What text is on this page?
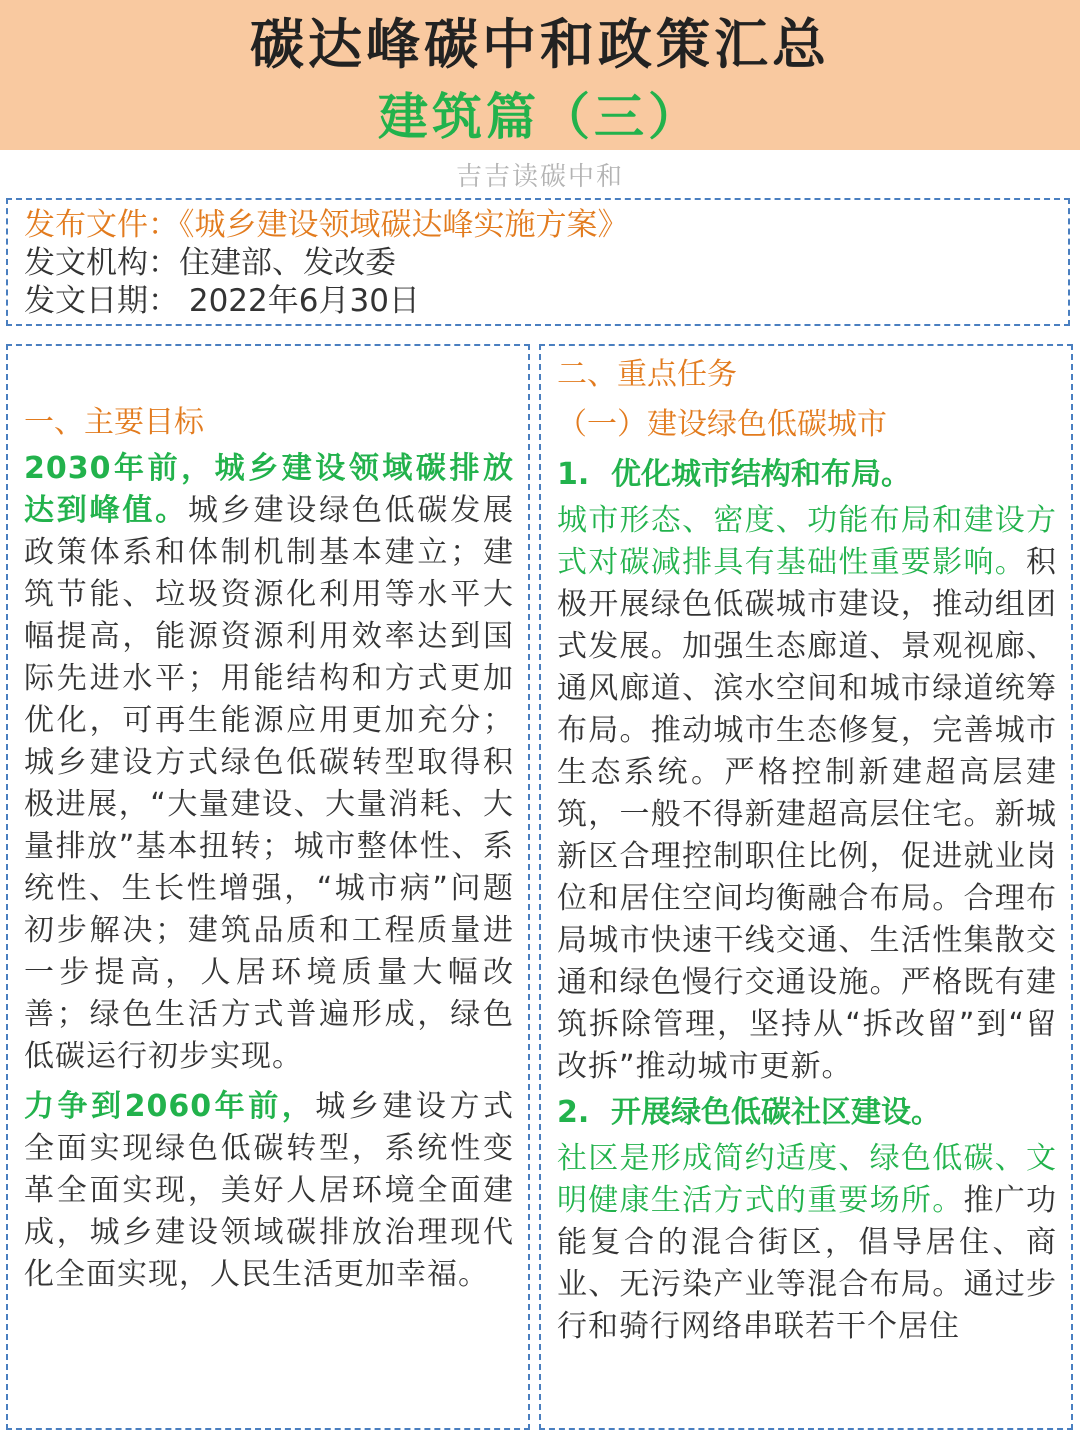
碳达峰碳中和政策汇总
建筑篇（三）
吉吉读碳中和
发布文件：《城乡建设领域碳达峰实施方案》
发文机构：住建部、发改委
发文日期： 2022年6月30日
一、主要目标
2030年前，城乡建设领域碳排放达到峰值。城乡建设绿色低碳发展政策体系和体制机制基本建立；建筑节能、垃圾资源化利用等水平大幅提高，能源资源利用效率达到国际先进水平；用能结构和方式更加优化，可再生能源应用更加充分；城乡建设方式绿色低碳转型取得积极进展，“大量建设、大量消耗、大量排放”基本扭转；城市整体性、系统性、生长性增强，“城市病”问题初步解决；建筑品质和工程质量进一步提高，人居环境质量大幅改善；绿色生活方式普遍形成，绿色低碳运行初步实现。
力争到2060年前，城乡建设方式全面实现绿色低碳转型，系统性变革全面实现，美好人居环境全面建成，城乡建设领域碳排放治理现代化全面实现，人民生活更加幸福。
二、重点任务
（一）建设绿色低碳城市
1. 优化城市结构和布局。
城市形态、密度、功能布局和建设方式对碳减排具有基础性重要影响。积极开展绿色低碳城市建设，推动组团式发展。加强生态廊道、景观视廊、通风廊道、滨水空间和城市绿道统筹布局。推动城市生态修复，完善城市生态系统。严格控制新建超高层建筑，一般不得新建超高层住宅。新城新区合理控制职住比例，促进就业岗位和居住空间均衡融合布局。合理布局城市快速干线交通、生活性集散交通和绿色慢行交通设施。严格既有建筑拆除管理，坚持从“拆改留”到“留改拆”推动城市更新。
2. 开展绿色低碳社区建设。
社区是形成简约适度、绿色低碳、文明健康生活方式的重要场所。推广功能复合的混合街区，倡导居住、商业、无污染产业等混合布局。通过步行和骑行网络串联若干个居住
